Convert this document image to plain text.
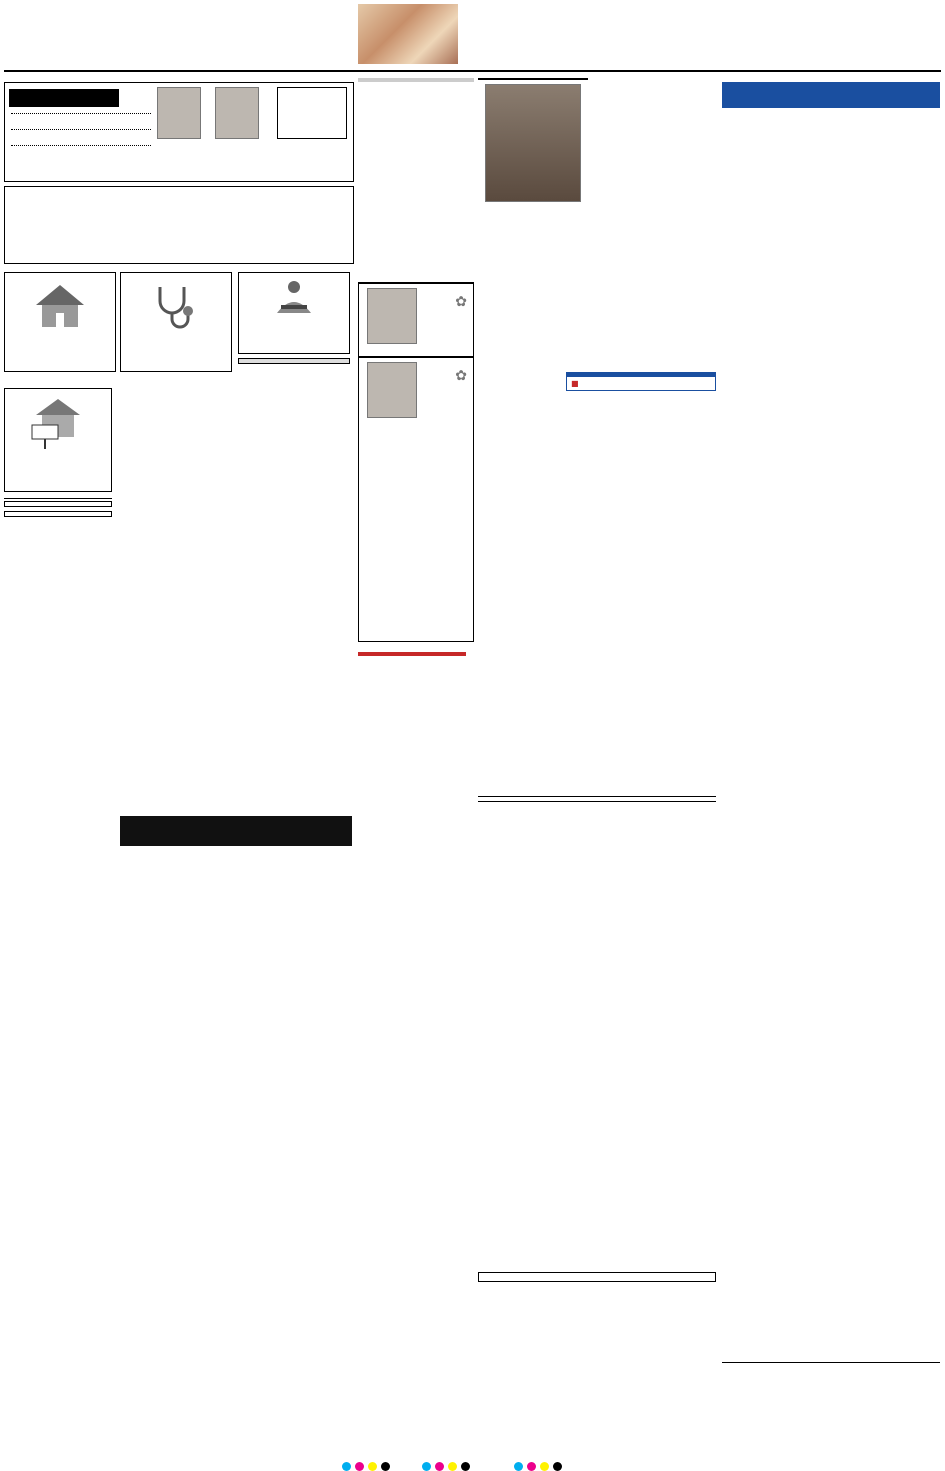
✿
✿	■
